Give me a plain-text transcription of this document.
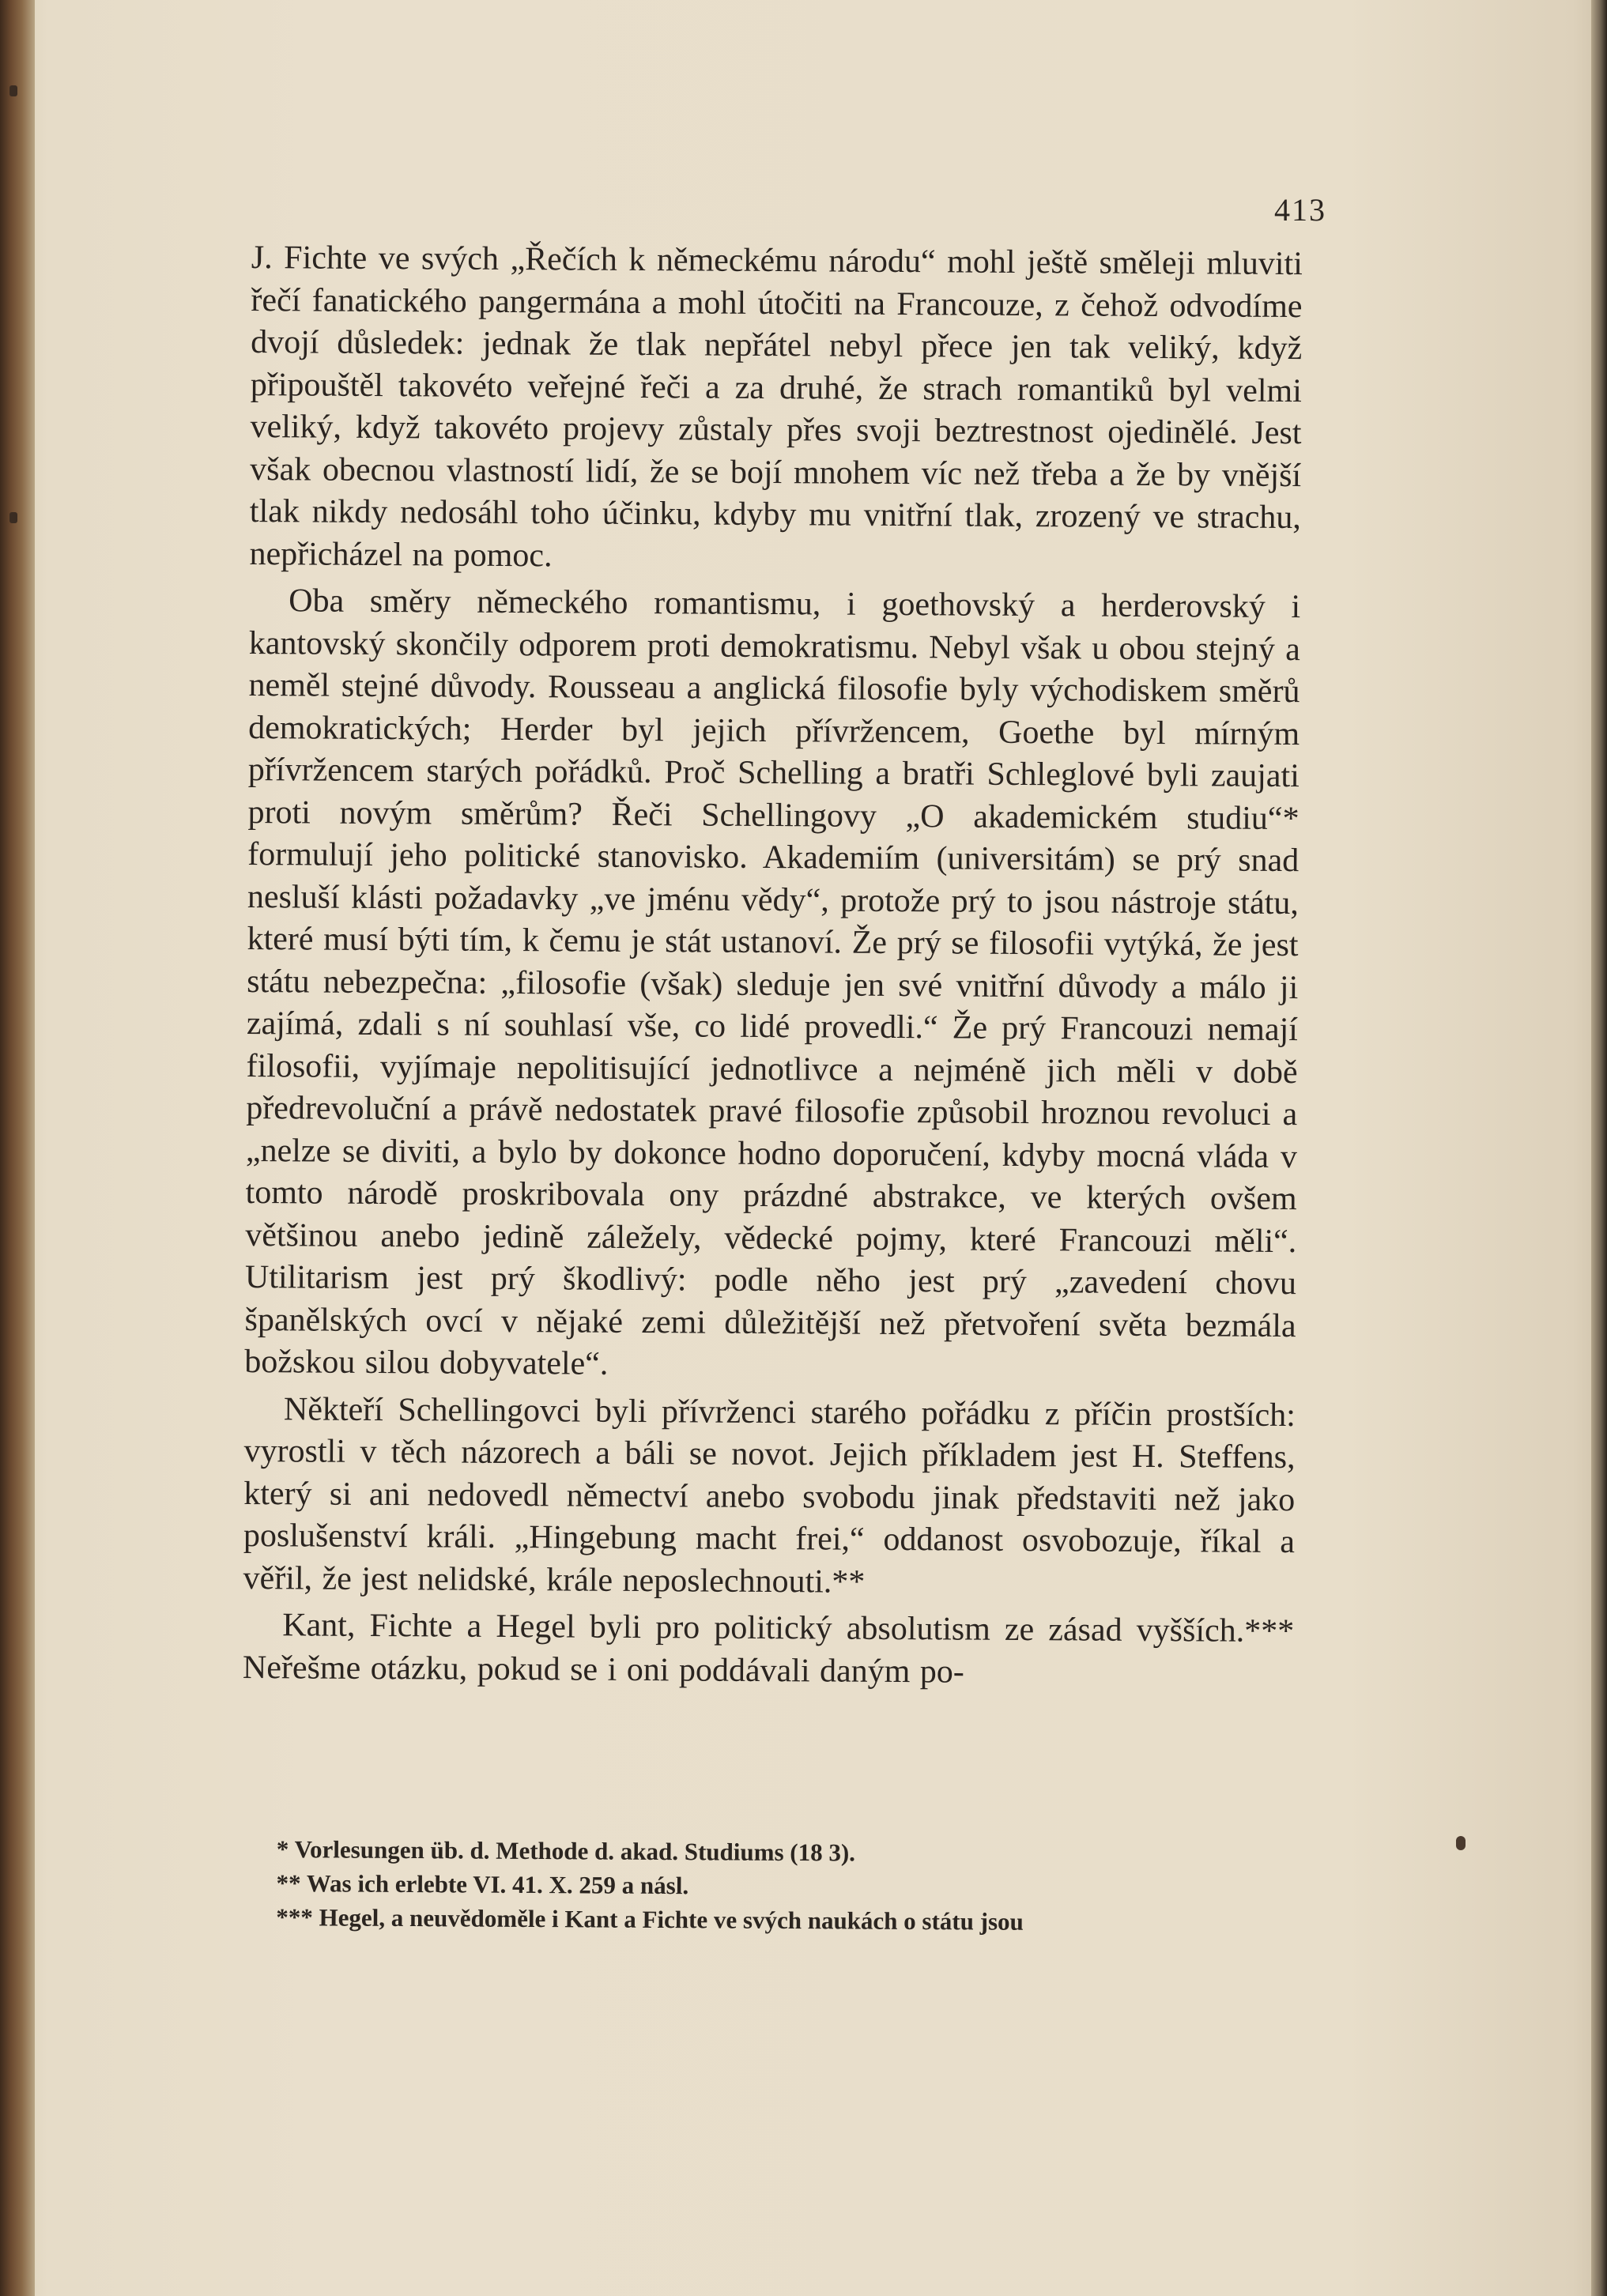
413

J. Fichte ve svých „Řečích k německému národu“ mohl ještě směleji mluviti řečí fanatického pangermána a mohl útočiti na Francouze, z čehož odvodíme dvojí důsledek: jednak že tlak nepřátel nebyl přece jen tak veliký, když připouštěl takovéto veřejné řeči a za druhé, že strach romantiků byl velmi veliký, když takovéto projevy zůstaly přes svoji beztrestnost ojedinělé. Jest však obecnou vlastností lidí, že se bojí mnohem víc než třeba a že by vnější tlak nikdy nedosáhl toho účinku, kdyby mu vnitřní tlak, zrozený ve strachu, nepřicházel na pomoc.

Oba směry německého romantismu, i goethovský a herderovský i kantovský skončily odporem proti demokratismu. Nebyl však u obou stejný a neměl stejné důvody. Rousseau a anglická filosofie byly východiskem směrů demokratických; Herder byl jejich přívržencem, Goethe byl mírným přívržencem starých pořádků. Proč Schelling a bratři Schleglové byli zaujati proti novým směrům? Řeči Schellingovy „O akademickém studiu“* formulují jeho politické stanovisko. Akademiím (universitám) se prý snad nesluší klásti požadavky „ve jménu vědy“, protože prý to jsou nástroje státu, které musí býti tím, k čemu je stát ustanoví. Že prý se filosofii vytýká, že jest státu nebezpečna: „filosofie (však) sleduje jen své vnitřní důvody a málo ji zajímá, zdali s ní souhlasí vše, co lidé provedli.“ Že prý Francouzi nemají filosofii, vyjímaje nepolitisující jednotlivce a nejméně jich měli v době předrevoluční a právě nedostatek pravé filosofie způsobil hroznou revoluci a „nelze se diviti, a bylo by dokonce hodno doporučení, kdyby mocná vláda v tomto národě proskribovala ony prázdné abstrakce, ve kterých ovšem většinou anebo jedině záležely, vědecké pojmy, které Francouzi měli“. Utilitarism jest prý škodlivý: podle něho jest prý „zavedení chovu španělských ovcí v nějaké zemi důležitější než přetvoření světa bezmála božskou silou dobyvatele“.

Někteří Schellingovci byli přívrženci starého pořádku z příčin prostších: vyrostli v těch názorech a báli se novot. Jejich příkladem jest H. Steffens, který si ani nedovedl němectví anebo svobodu jinak představiti než jako poslušenství králi. „Hingebung macht frei,“ oddanost osvobozuje, říkal a věřil, že jest nelidské, krále neposlechnouti.**

Kant, Fichte a Hegel byli pro politický absolutism ze zásad vyšších.*** Neřešme otázku, pokud se i oni poddávali daným po-

* Vorlesungen üb. d. Methode d. akad. Studiums (18 3).

** Was ich erlebte VI. 41. X. 259 a násl.

*** Hegel, a neuvědoměle i Kant a Fichte ve svých naukách o státu jsou
